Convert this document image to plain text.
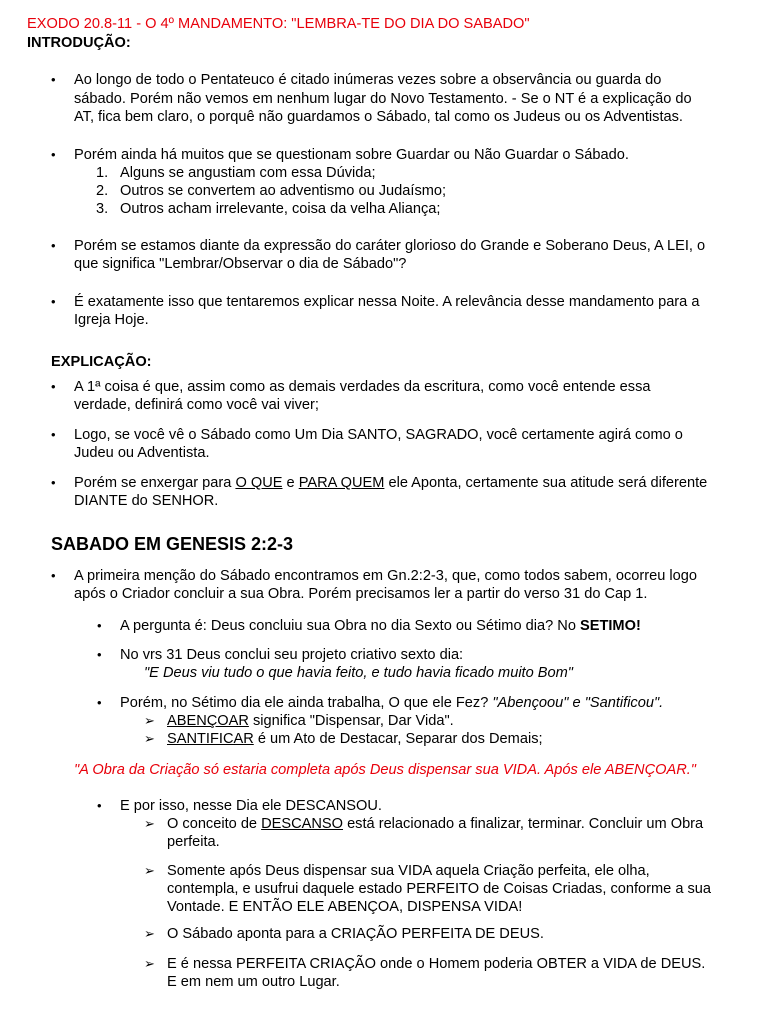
EXODO 20.8-11 - O 4º MANDAMENTO: "LEMBRA-TE DO DIA DO SABADO"
INTRODUÇÃO:
• Ao longo de todo o Pentateuco é citado inúmeras vezes sobre a observância ou guarda do
sábado. Porém não vemos em nenhum lugar do Novo Testamento. - Se o NT é a explicação do
AT, fica bem claro, o porquê não guardamos o Sábado, tal como os Judeus ou os Adventistas.
• Porém ainda há muitos que se questionam sobre Guardar ou Não Guardar o Sábado.
1. Alguns se angustiam com essa Dúvida;
2. Outros se convertem ao adventismo ou Judaísmo;
3. Outros acham irrelevante, coisa da velha Aliança;
• Porém se estamos diante da expressão do caráter glorioso do Grande e Soberano Deus, A LEI, o
que significa "Lembrar/Observar o dia de Sábado"?
• É exatamente isso que tentaremos explicar nessa Noite. A relevância desse mandamento para a
Igreja Hoje.
EXPLICAÇÃO:
• A 1ª coisa é que, assim como as demais verdades da escritura, como você entende essa
verdade, definirá como você vai viver;
• Logo, se você vê o Sábado como Um Dia SANTO, SAGRADO, você certamente agirá como o
Judeu ou Adventista.
• Porém se enxergar para O QUE e PARA QUEM ele Aponta, certamente sua atitude será diferente
DIANTE do SENHOR.
SABADO EM GENESIS 2:2-3
• A primeira menção do Sábado encontramos em Gn.2:2-3, que, como todos sabem, ocorreu logo
após o Criador concluir a sua Obra. Porém precisamos ler a partir do verso 31 do Cap 1.
• A pergunta é: Deus concluiu sua Obra no dia Sexto ou Sétimo dia? No SETIMO!
• No vrs 31 Deus conclui seu projeto criativo sexto dia:
"E Deus viu tudo o que havia feito, e tudo havia ficado muito Bom"
• Porém, no Sétimo dia ele ainda trabalha, O que ele Fez? "Abençoou" e "Santificou".
➢ ABENÇOAR significa "Dispensar, Dar Vida".
➢ SANTIFICAR é um Ato de Destacar, Separar dos Demais;
"A Obra da Criação só estaria completa após Deus dispensar sua VIDA. Após ele ABENÇOAR."
• E por isso, nesse Dia ele DESCANSOU.
➢ O conceito de DESCANSO está relacionado a finalizar, terminar. Concluir um Obra
perfeita.
➢ Somente após Deus dispensar sua VIDA aquela Criação perfeita, ele olha,
contempla, e usufrui daquele estado PERFEITO de Coisas Criadas, conforme a sua
Vontade. E ENTÃO ELE ABENÇOA, DISPENSA VIDA!
➢ O Sábado aponta para a CRIAÇÃO PERFEITA DE DEUS.
➢ E é nessa PERFEITA CRIAÇÃO onde o Homem poderia OBTER a VIDA de DEUS.
E em nem um outro Lugar.
